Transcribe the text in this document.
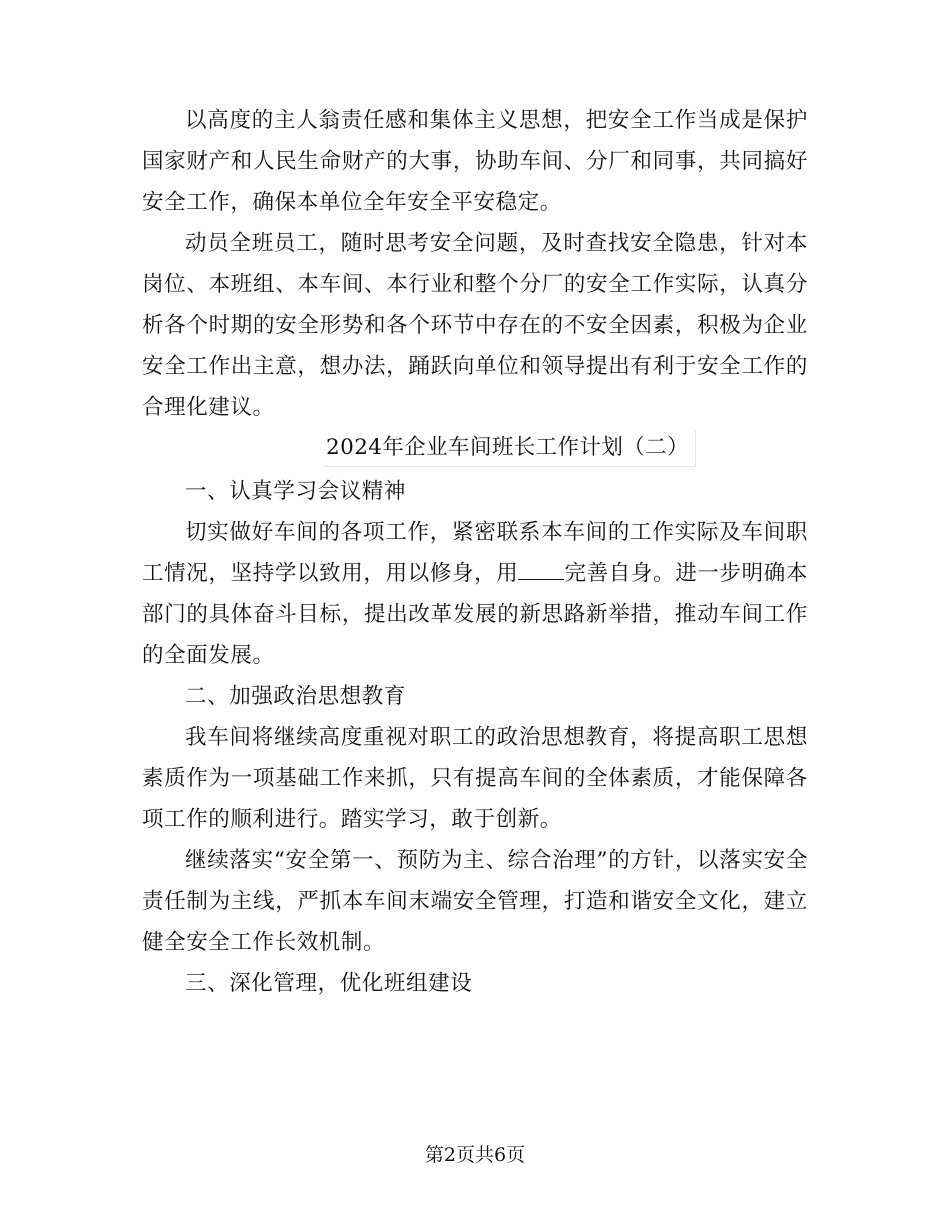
以高度的主人翁责任感和集体主义思想，把安全工作当成是保护国家财产和人民生命财产的大事，协助车间、分厂和同事，共同搞好安全工作，确保本单位全年安全平安稳定。

动员全班员工，随时思考安全问题，及时查找安全隐患，针对本岗位、本班组、本车间、本行业和整个分厂的安全工作实际，认真分析各个时期的安全形势和各个环节中存在的不安全因素，积极为企业安全工作出主意，想办法，踊跃向单位和领导提出有利于安全工作的合理化建议。

2024年企业车间班长工作计划（二）

一、认真学习会议精神

切实做好车间的各项工作，紧密联系本车间的工作实际及车间职工情况，坚持学以致用，用以修身，用 完善自身。进一步明确本部门的具体奋斗目标，提出改革发展的新思路新举措，推动车间工作的全面发展。

二、加强政治思想教育

我车间将继续高度重视对职工的政治思想教育，将提高职工思想素质作为一项基础工作来抓，只有提高车间的全体素质，才能保障各项工作的顺利进行。踏实学习，敢于创新。

继续落实“安全第一、预防为主、综合治理”的方针，以落实安全责任制为主线，严抓本车间末端安全管理，打造和谐安全文化，建立健全安全工作长效机制。

三、深化管理，优化班组建设

第2页共6页
